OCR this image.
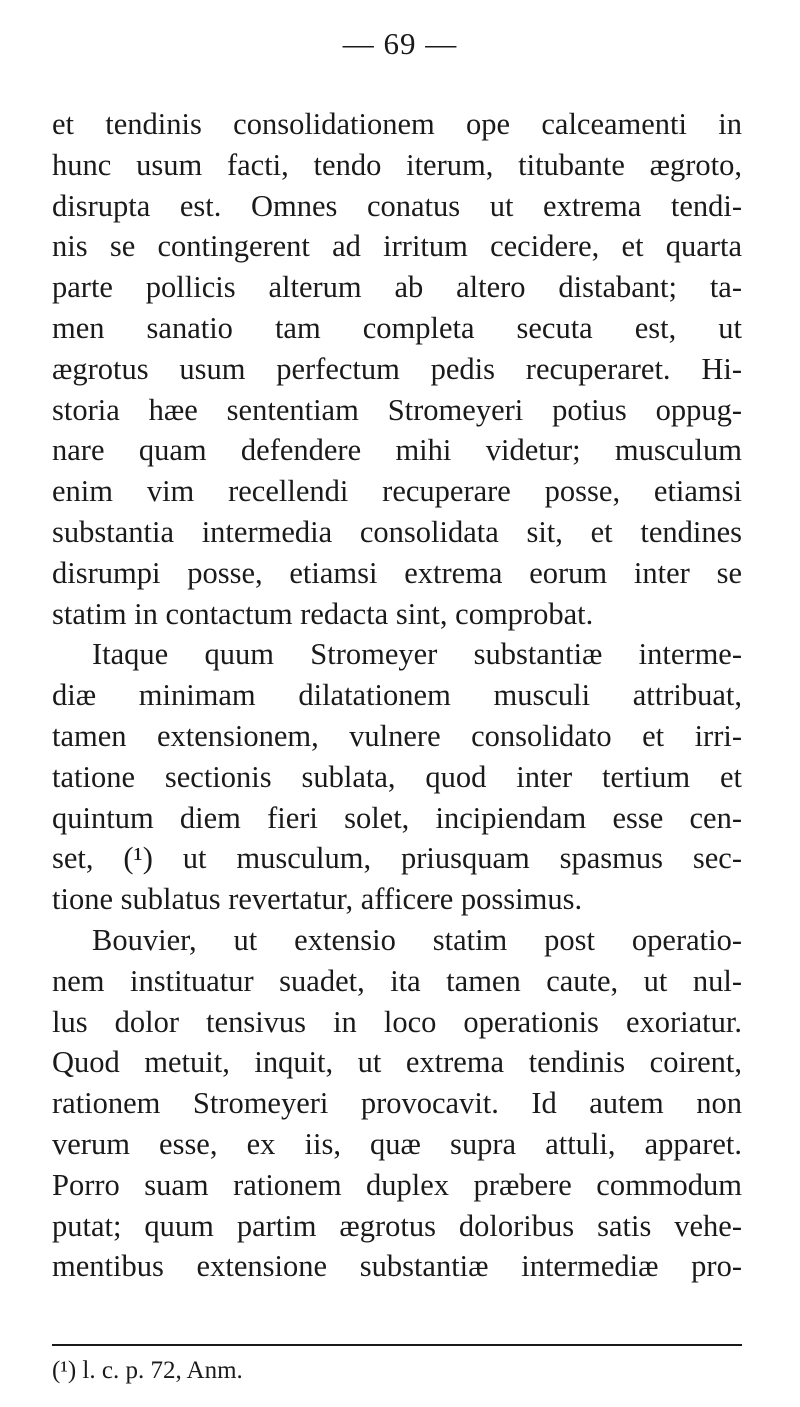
— 69 —
et tendinis consolidationem ope calceamenti in
hunc usum facti, tendo iterum, titubante ægroto,
disrupta est. Omnes conatus ut extrema tendi-
nis se contingerent ad irritum cecidere, et quarta
parte pollicis alterum ab altero distabant; ta-
men sanatio tam completa secuta est, ut
ægrotus usum perfectum pedis recuperaret. Hi-
storia hæe sententiam Stromeyeri potius oppug-
nare quam defendere mihi videtur; musculum
enim vim recellendi recuperare posse, etiamsi
substantia intermedia consolidata sit, et tendines
disrumpi posse, etiamsi extrema eorum inter se
statim in contactum redacta sint, comprobat.
Itaque quum Stromeyer substantiæ interme-
diæ minimam dilatationem musculi attribuat,
tamen extensionem, vulnere consolidato et irri-
tatione sectionis sublata, quod inter tertium et
quintum diem fieri solet, incipiendam esse cen-
set, (¹) ut musculum, priusquam spasmus sec-
tione sublatus revertatur, afficere possimus.
Bouvier, ut extensio statim post operatio-
nem instituatur suadet, ita tamen caute, ut nul-
lus dolor tensivus in loco operationis exoriatur.
Quod metuit, inquit, ut extrema tendinis coirent,
rationem Stromeyeri provocavit. Id autem non
verum esse, ex iis, quæ supra attuli, apparet.
Porro suam rationem duplex præbere commodum
putat; quum partim ægrotus doloribus satis vehe-
mentibus extensione substantiæ intermediæ pro-
(¹) l. c. p. 72, Anm.
